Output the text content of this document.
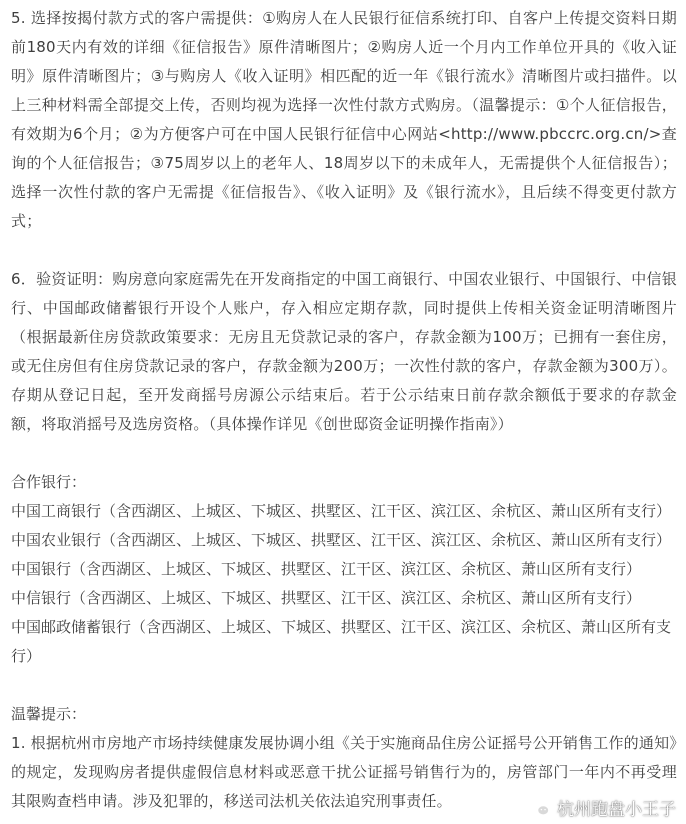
5. 选择按揭付款方式的客户需提供：①购房人在人民银行征信系统打印、自客户上传提交资料日期前180天内有效的详细《征信报告》原件清晰图片；②购房人近一个月内工作单位开具的《收入证明》原件清晰图片；③与购房人《收入证明》相匹配的近一年《银行流水》清晰图片或扫描件。以上三种材料需全部提交上传，否则均视为选择一次性付款方式购房。（温馨提示：①个人征信报告，有效期为6个月；②为方便客户可在中国人民银行征信中心网站<http://www.pbccrc.org.cn/>查询的个人征信报告；③75周岁以上的老年人、18周岁以下的未成年人，无需提供个人征信报告）；选择一次性付款的客户无需提《征信报告》、《收入证明》及《银行流水》，且后续不得变更付款方式；

6．验资证明：购房意向家庭需先在开发商指定的中国工商银行、中国农业银行、中国银行、中信银行、中国邮政储蓄银行开设个人账户，存入相应定期存款，同时提供上传相关资金证明清晰图片（根据最新住房贷款政策要求：无房且无贷款记录的客户，存款金额为100万；已拥有一套住房，或无住房但有住房贷款记录的客户，存款金额为200万；一次性付款的客户，存款金额为300万）。存期从登记日起，至开发商摇号房源公示结束后。若于公示结束日前存款余额低于要求的存款金额，将取消摇号及选房资格。（具体操作详见《创世邸资金证明操作指南》）

合作银行：

中国工商银行（含西湖区、上城区、下城区、拱墅区、江干区、滨江区、余杭区、萧山区所有支行）

中国农业银行（含西湖区、上城区、下城区、拱墅区、江干区、滨江区、余杭区、萧山区所有支行）

中国银行（含西湖区、上城区、下城区、拱墅区、江干区、滨江区、余杭区、萧山区所有支行）

中信银行（含西湖区、上城区、下城区、拱墅区、江干区、滨江区、余杭区、萧山区所有支行）

中国邮政储蓄银行（含西湖区、上城区、下城区、拱墅区、江干区、滨江区、余杭区、萧山区所有支行）

温馨提示：

1. 根据杭州市房地产市场持续健康发展协调小组《关于实施商品住房公证摇号公开销售工作的通知》的规定，发现购房者提供虚假信息材料或恶意干扰公证摇号销售行为的，房管部门一年内不再受理其限购查档申请。涉及犯罪的，移送司法机关依法追究刑事责任。	杭州跑盘小王子
